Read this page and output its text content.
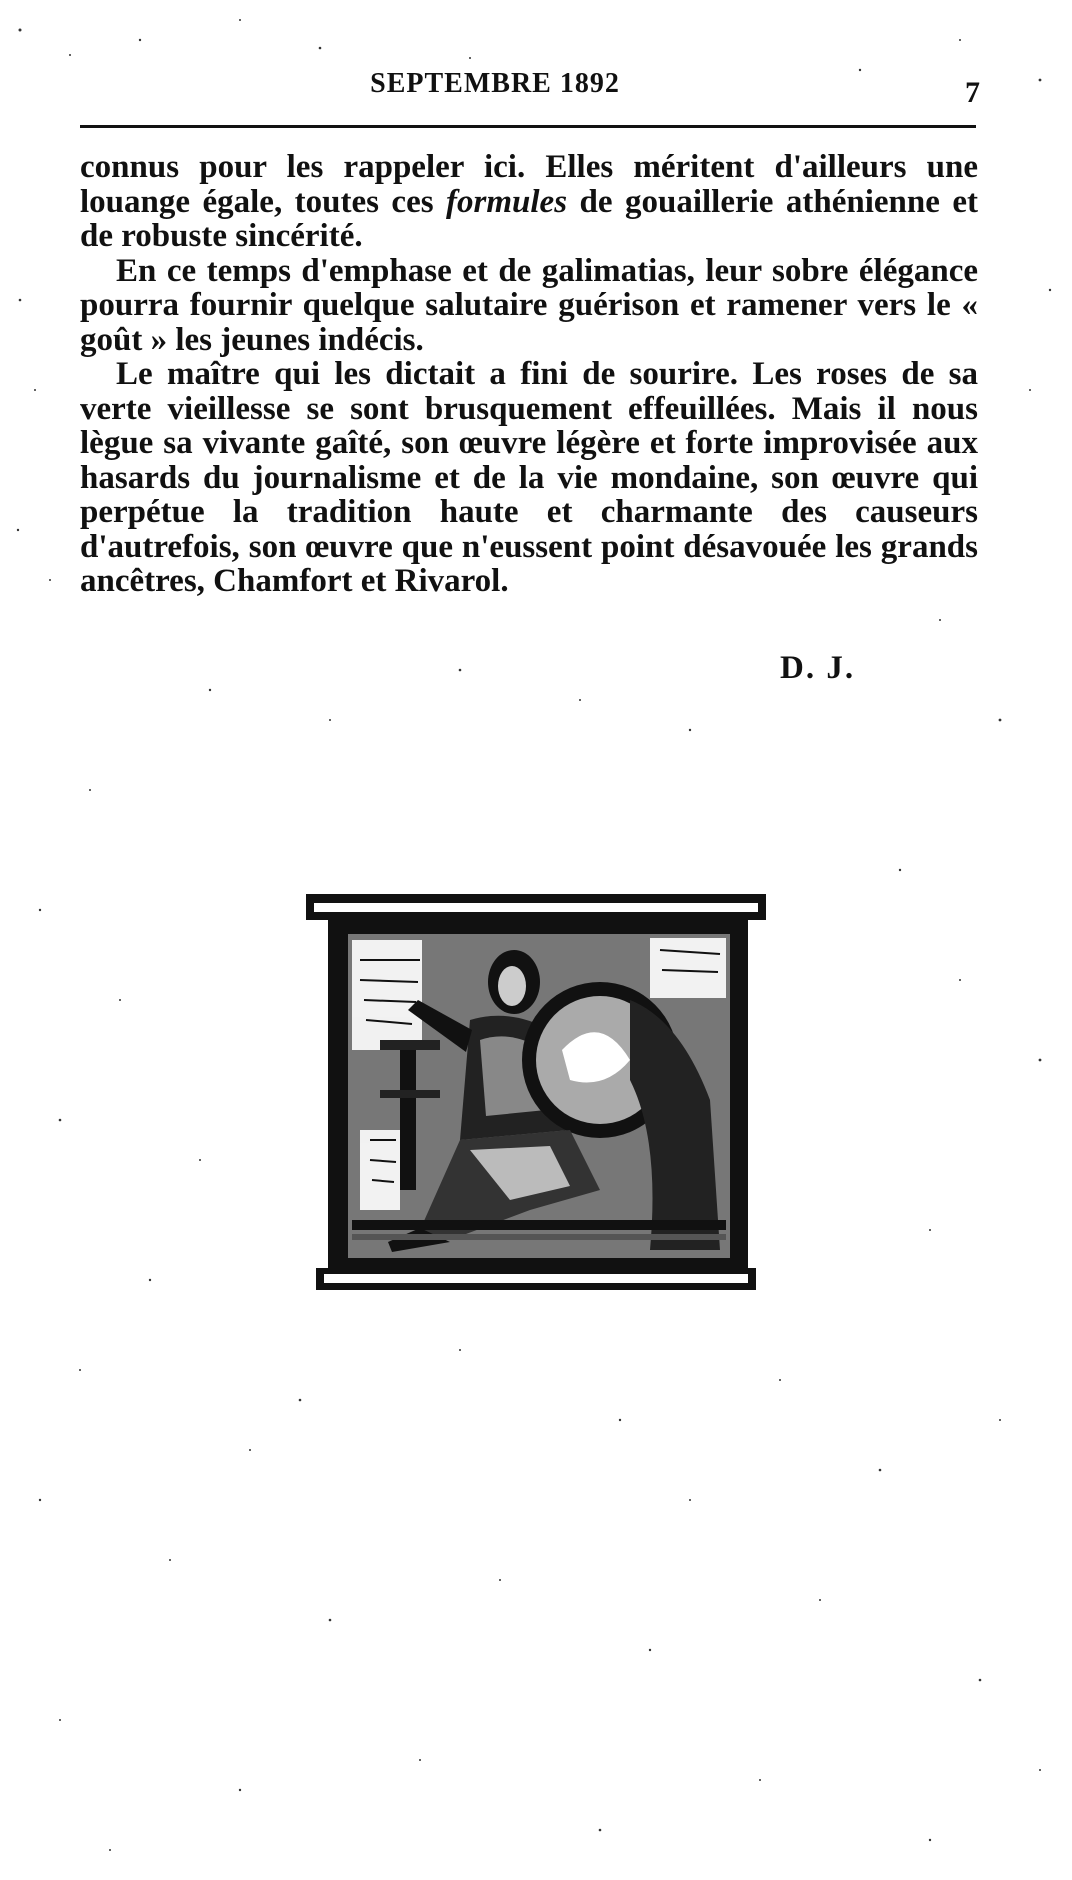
SEPTEMBRE 1892	7

connus pour les rappeler ici. Elles méritent d'ailleurs une louange égale, toutes ces formules de gouaillerie athénienne et de robuste sincérité.

En ce temps d'emphase et de galimatias, leur sobre élégance pourra fournir quelque salutaire guérison et ramener vers le « goût » les jeunes indécis.

Le maître qui les dictait a fini de sourire. Les roses de sa verte vieillesse se sont brusquement effeuillées. Mais il nous lègue sa vivante gaîté, son œuvre légère et forte improvisée aux hasards du journalisme et de la vie mondaine, son œuvre qui perpétue la tradition haute et charmante des causeurs d'autrefois, son œuvre que n'eussent point désavouée les grands ancêtres, Chamfort et Rivarol.

D. J.
